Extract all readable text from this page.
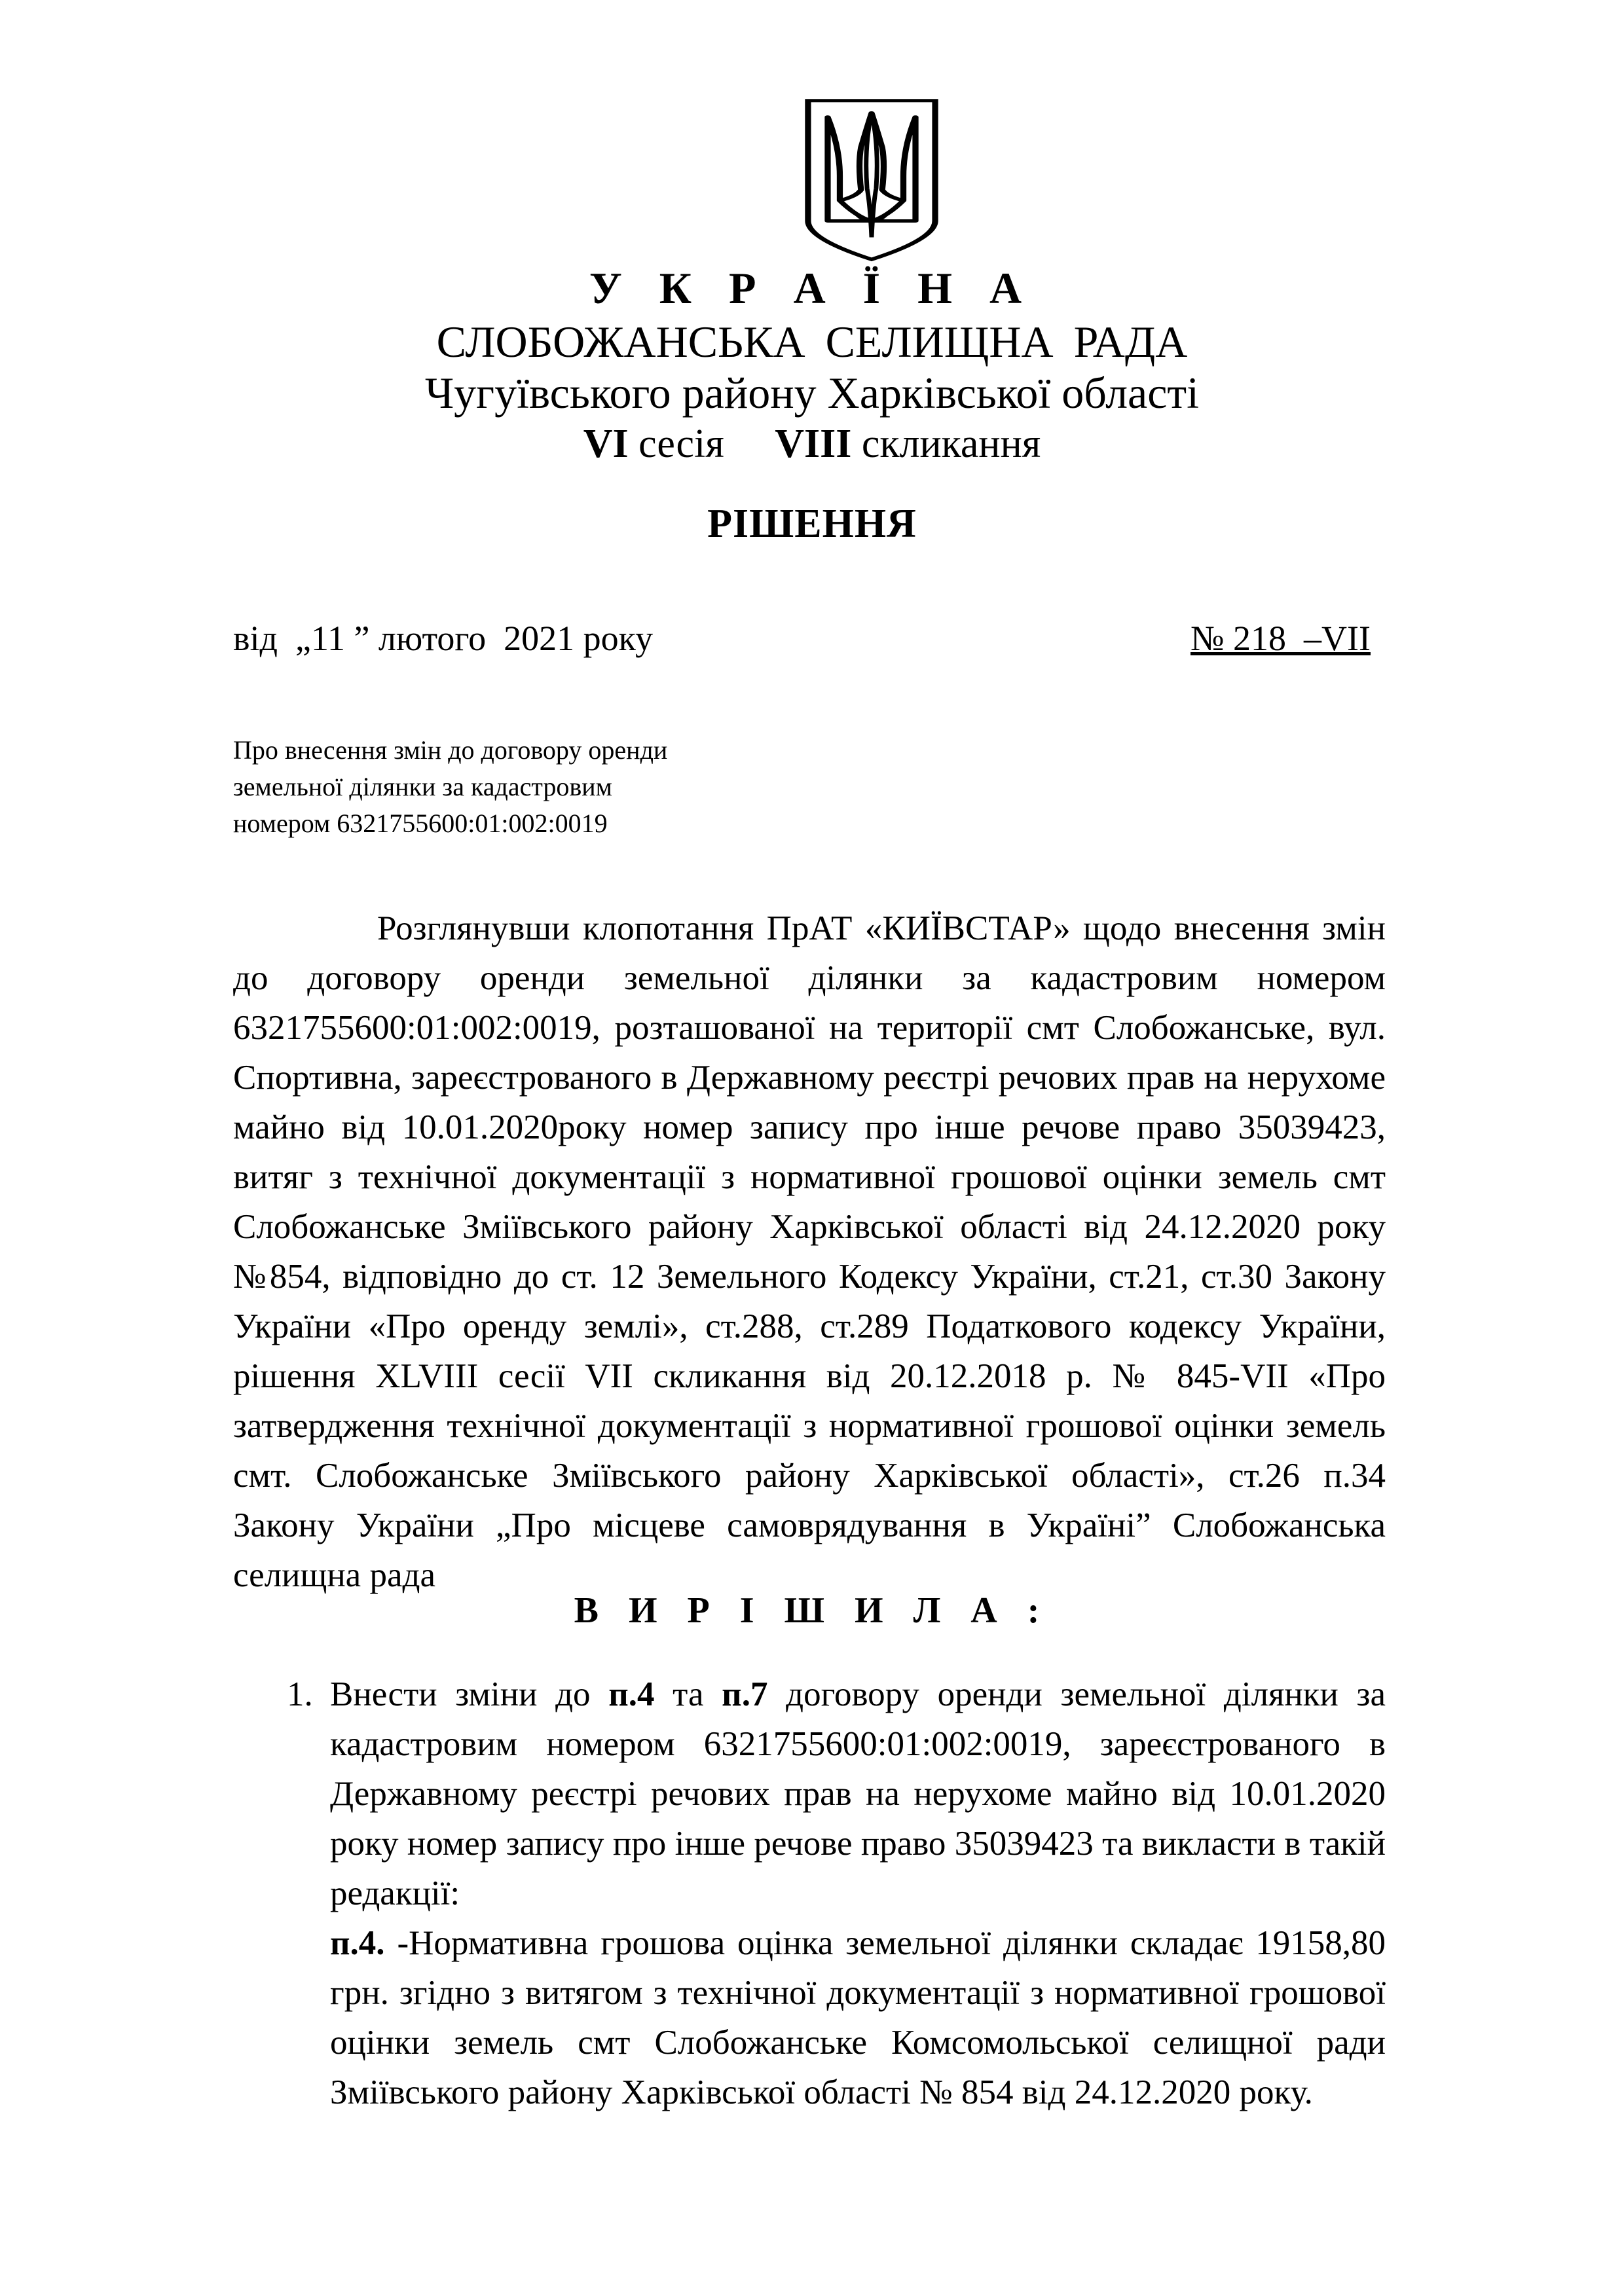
У К Р А Ї Н А
СЛОБОЖАНСЬКА СЕЛИЩНА РАДА
Чугуївського району Харківської області
VI сесія     VIII скликання
РІШЕННЯ
від  „11 ” лютого  2021 року	№ 218  –VII
Про внесення змін до договору оренди
земельної ділянки за кадастровим
номером 6321755600:01:002:0019
Розглянувши клопотання ПрАТ «КИЇВСТАР» щодо внесення змін до договору оренди земельної ділянки за кадастровим номером 6321755600:01:002:0019, розташованої на території смт Слобожанське, вул. Спортивна, зареєстрованого в Державному реєстрі речових прав на нерухоме майно від 10.01.2020року номер запису про інше речове право 35039423, витяг з технічної документації з нормативної грошової оцінки земель смт Слобожанське Зміївського району Харківської області від 24.12.2020 року №854, відповідно до ст. 12 Земельного Кодексу України, ст.21, ст.30 Закону України «Про оренду землі», ст.288, ст.289 Податкового кодексу України, рішення XLVIII сесії VII скликання від 20.12.2018 р. № 845-VII «Про затвердження технічної документації з нормативної грошової оцінки земель смт. Слобожанське Зміївського району Харківської області», ст.26 п.34 Закону України „Про місцеве самоврядування в Україні” Слобожанська селищна рада
В И Р І Ш И Л А :
1. Внести зміни до п.4 та п.7 договору оренди земельної ділянки за кадастровим номером 6321755600:01:002:0019, зареєстрованого в Державному реєстрі речових прав на нерухоме майно від 10.01.2020 року номер запису про інше речове право 35039423 та викласти в такій редакції:

п.4. -Нормативна грошова оцінка земельної ділянки складає 19158,80 грн. згідно з витягом з технічної документації з нормативної грошової оцінки земель смт Слобожанське Комсомольської селищної ради Зміївського району Харківської області № 854 від 24.12.2020 року.
